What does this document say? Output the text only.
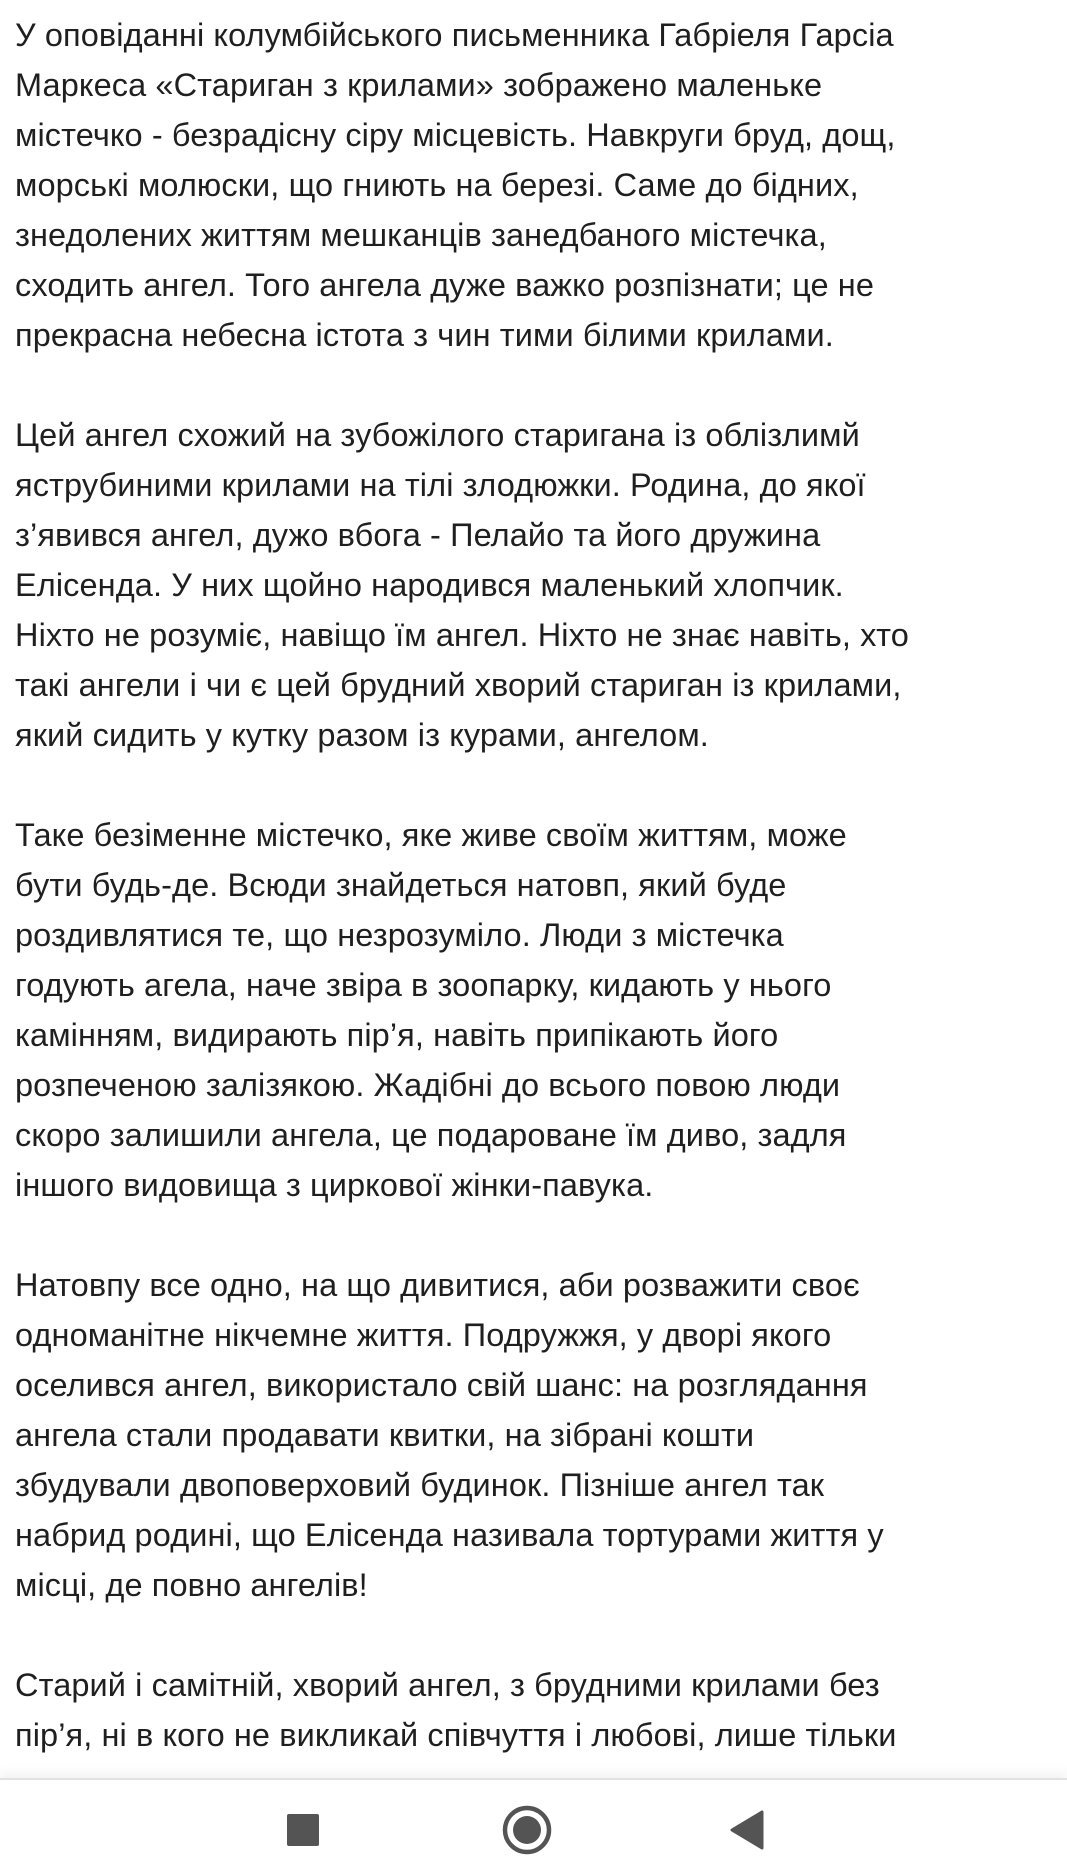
У оповіданні колумбійського письменника Габріеля Гарсіа
Маркеса «Стариган з крилами» зображено маленьке
містечко - безрадісну сіру місцевість. Навкруги бруд, дощ,
морські молюски, що гниють на березі. Саме до бідних,
знедолених життям мешканців занедбаного містечка,
сходить ангел. Того ангела дуже важко розпізнати; це не
прекрасна небесна істота з чин тими білими крилами.

Цей ангел схожий на зубожілого старигана із облізлимй
яструбиними крилами на тілі злодюжки. Родина, до якої
з’явився ангел, дужо вбога - Пелайо та його дружина
Елісенда. У них щойно народився маленький хлопчик.
Ніхто не розуміє, навіщо їм ангел. Ніхто не знає навіть, хто
такі ангели і чи є цей брудний хворий стариган із крилами,
який сидить у кутку разом із курами, ангелом.

Таке безіменне містечко, яке живе своїм життям, може
бути будь-де. Всюди знайдеться натовп, який буде
роздивлятися те, що незрозуміло. Люди з містечка
годують агела, наче звіра в зоопарку, кидають у нього
камінням, видирають пір’я, навіть припікають його
розпеченою залізякою. Жадібні до всього повою люди
скоро залишили ангела, це подароване їм диво, задля
іншого видовища з циркової жінки-павука.

Натовпу все одно, на що дивитися, аби розважити своє
одноманітне нікчемне життя. Подружжя, у дворі якого
оселився ангел, використало свій шанс: на розглядання
ангела стали продавати квитки, на зібрані кошти
збудували двоповерховий будинок. Пізніше ангел так
набрид родині, що Елісенда називала тортурами життя у
місці, де повно ангелів!

Старий і самітній, хворий ангел, з брудними крилами без
пір’я, ні в кого не викликай співчуття і любові, лише тільки
